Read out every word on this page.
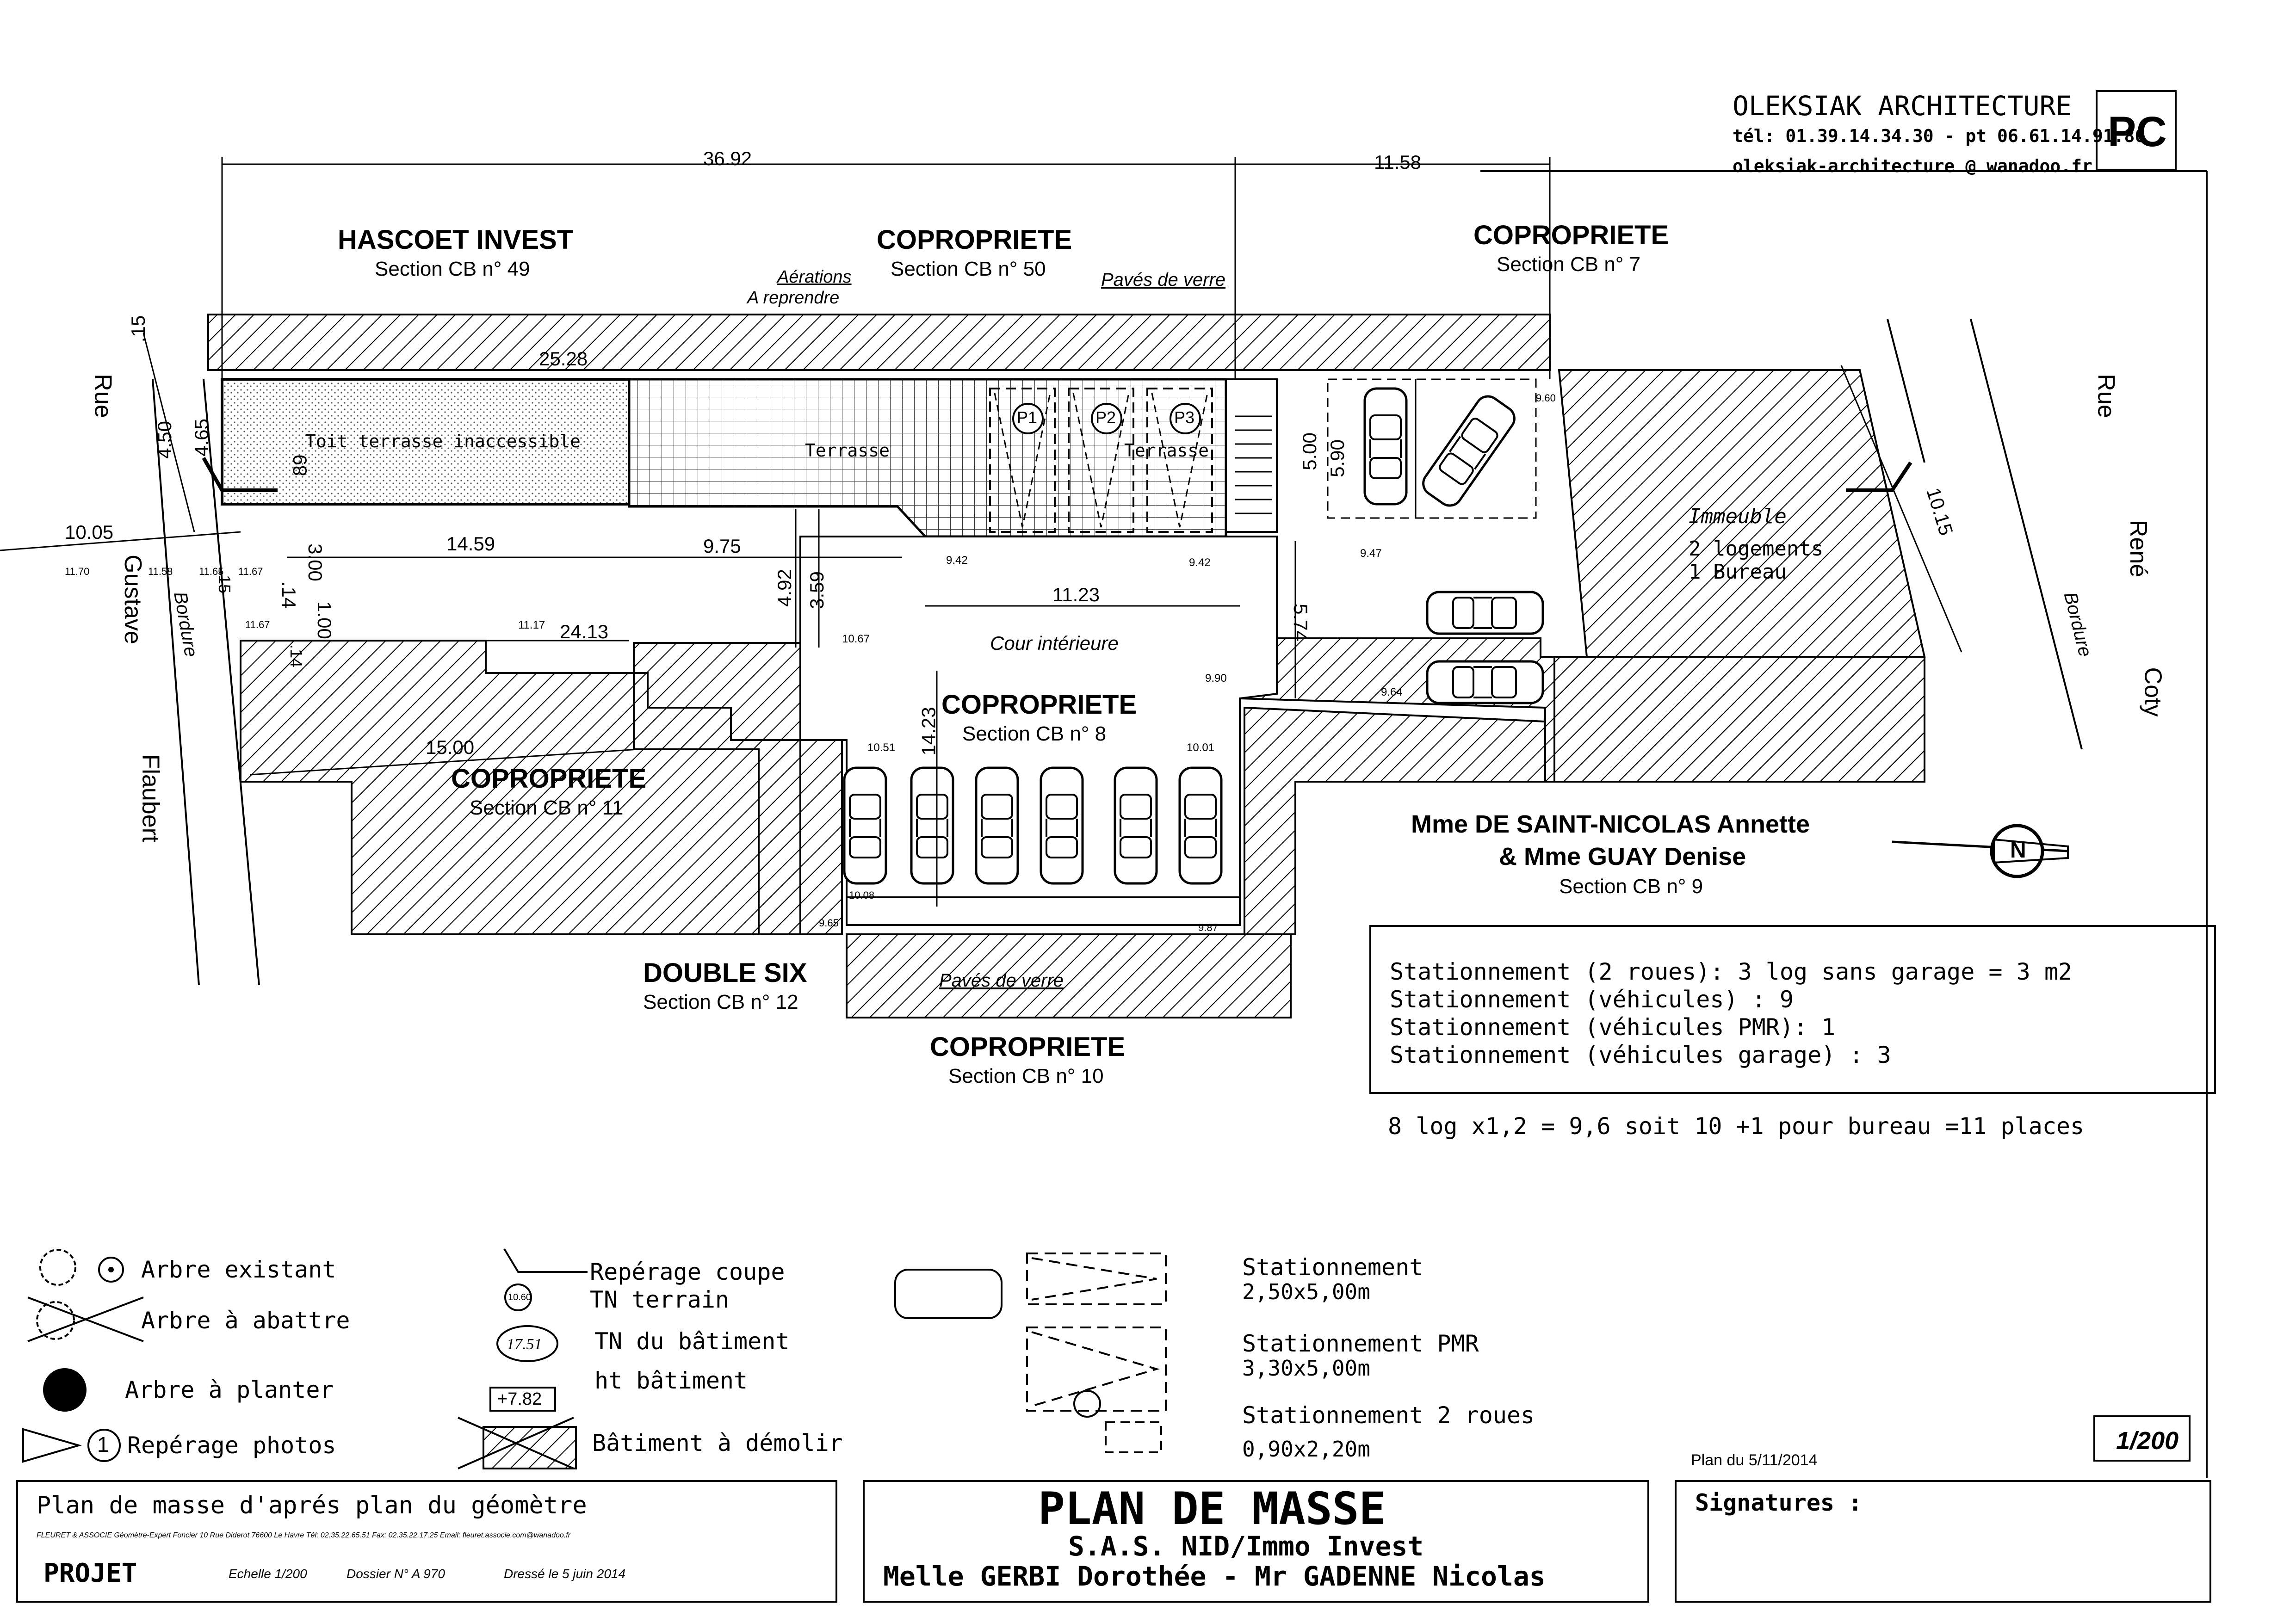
OLEKSIAK ARCHITECTURE
tél: 01.39.14.34.30 - pt 06.61.14.91.86
oleksiak-architecture @ wanadoo.fr
PC
36.92	11.58
.15
25.28
4.50 4.65
89
10.05
14.59	9.75
3.00
.14
1.00
.15
.14
24.13
4.92 3.59	11.23
5.74
14.23
15.00
5.00 5.90
10.15
HASCOET INVEST
Section CB n° 49
COPROPRIETE
Section CB n° 50
COPROPRIETE
Section CB n° 7
COPROPRIETE
Section CB n° 8
COPROPRIETE
Section CB n° 11
DOUBLE SIX
Section CB n° 12
COPROPRIETE
Section CB n° 10
Mme DE SAINT-NICOLAS Annette
& Mme GUAY Denise
Section CB n° 9
Aérations
A reprendre
Pavés de verre
Pavés de verre
Toit terrasse inaccessible	Terrasse	Terrasse
P1	P2	P3
Cour intérieure
Immeuble
2 logements
1 Bureau
Bordure	Bordure
Rue
Gustave
Flaubert
Rue
René
Coty
11.70	11.58	11.65 11.67
11.67	11.17
10.67
9.42	9.42
9.47
9.64
9.90
10.51	10.01
10.08
9.87
9.65
9.60
N
Stationnement (2 roues): 3 log sans garage = 3 m2
Stationnement (véhicules) : 9
Stationnement (véhicules PMR): 1
Stationnement (véhicules garage) : 3
8 log x1,2 = 9,6 soit 10 +1 pour bureau =11 places
Arbre existant
Arbre à abattre
Arbre à planter
Repérage photos
1
Repérage coupe
TN terrain
10.60
TN du bâtiment
17.51
ht bâtiment
+7.82
Bâtiment à démolir
Stationnement
2,50x5,00m
Stationnement PMR
3,30x5,00m
Stationnement 2 roues
0,90x2,20m	Plan du 5/11/2014
1/200
Plan de masse d'aprés plan du géomètre
FLEURET & ASSOCIE Géomètre-Expert Foncier 10 Rue Diderot 76600 Le Havre Tél: 02.35.22.65.51 Fax: 02.35.22.17.25 Email: fleuret.associe.com@wanadoo.fr
PROJET	Echelle 1/200	Dossier N° A 970	Dressé le 5 juin 2014
PLAN DE MASSE
S.A.S. NID/Immo Invest
Melle GERBI Dorothée - Mr GADENNE Nicolas
Signatures :
